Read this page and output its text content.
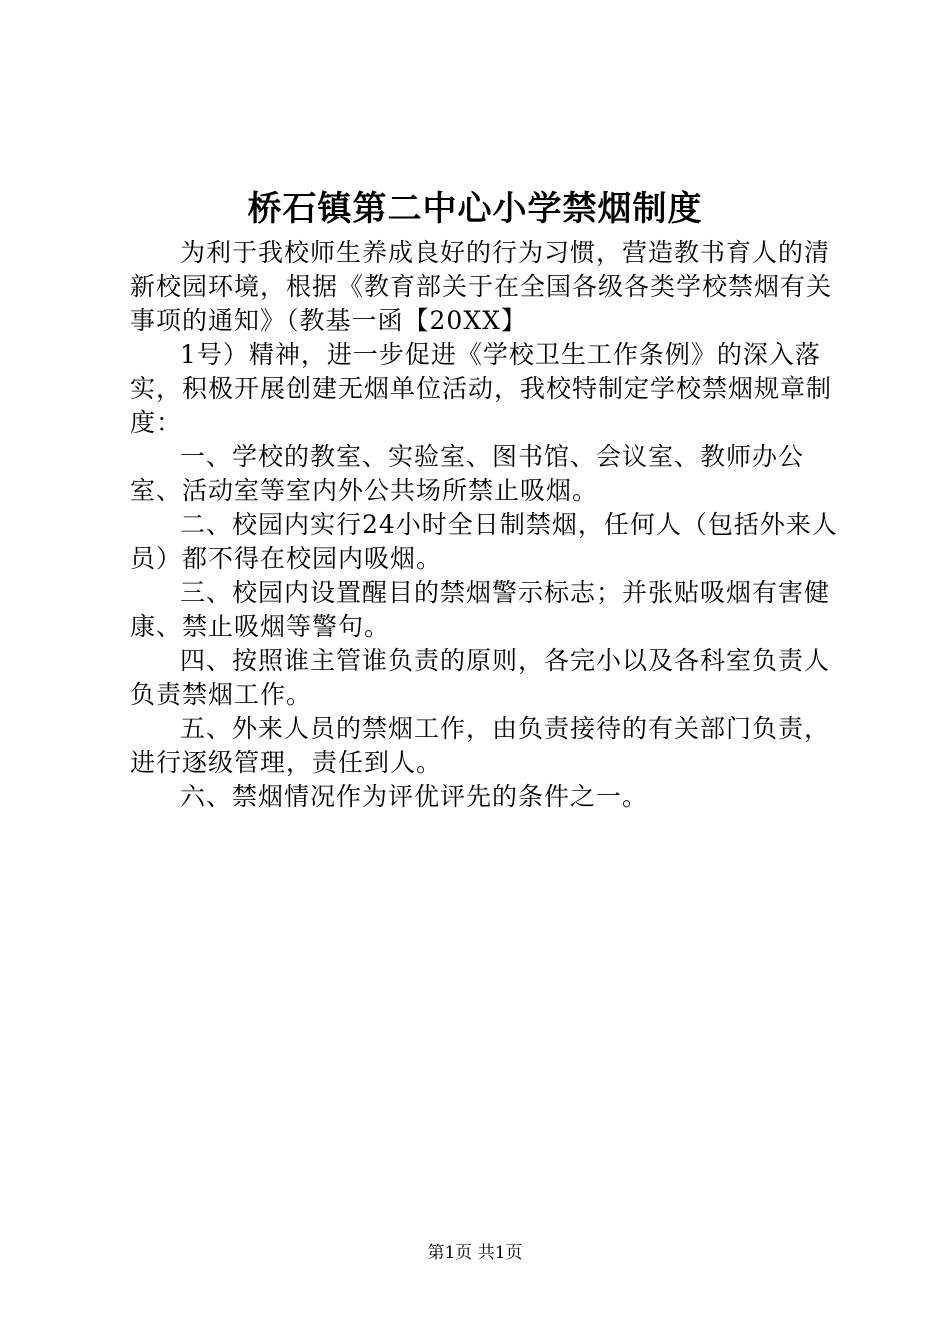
桥石镇第二中心小学禁烟制度

为利于我校师生养成良好的行为习惯，营造教书育人的清新校园环境，根据《教育部关于在全国各级各类学校禁烟有关事项的通知》（教基一函【20XX】

1号）精神，进一步促进《学校卫生工作条例》的深入落实，积极开展创建无烟单位活动，我校特制定学校禁烟规章制度：

一、学校的教室、实验室、图书馆、会议室、教师办公室、活动室等室内外公共场所禁止吸烟。

二、校园内实行24小时全日制禁烟，任何人（包括外来人员）都不得在校园内吸烟。

三、校园内设置醒目的禁烟警示标志；并张贴吸烟有害健康、禁止吸烟等警句。

四、按照谁主管谁负责的原则，各完小以及各科室负责人负责禁烟工作。

五、外来人员的禁烟工作，由负责接待的有关部门负责，进行逐级管理，责任到人。

六、禁烟情况作为评优评先的条件之一。

第1页 共1页
